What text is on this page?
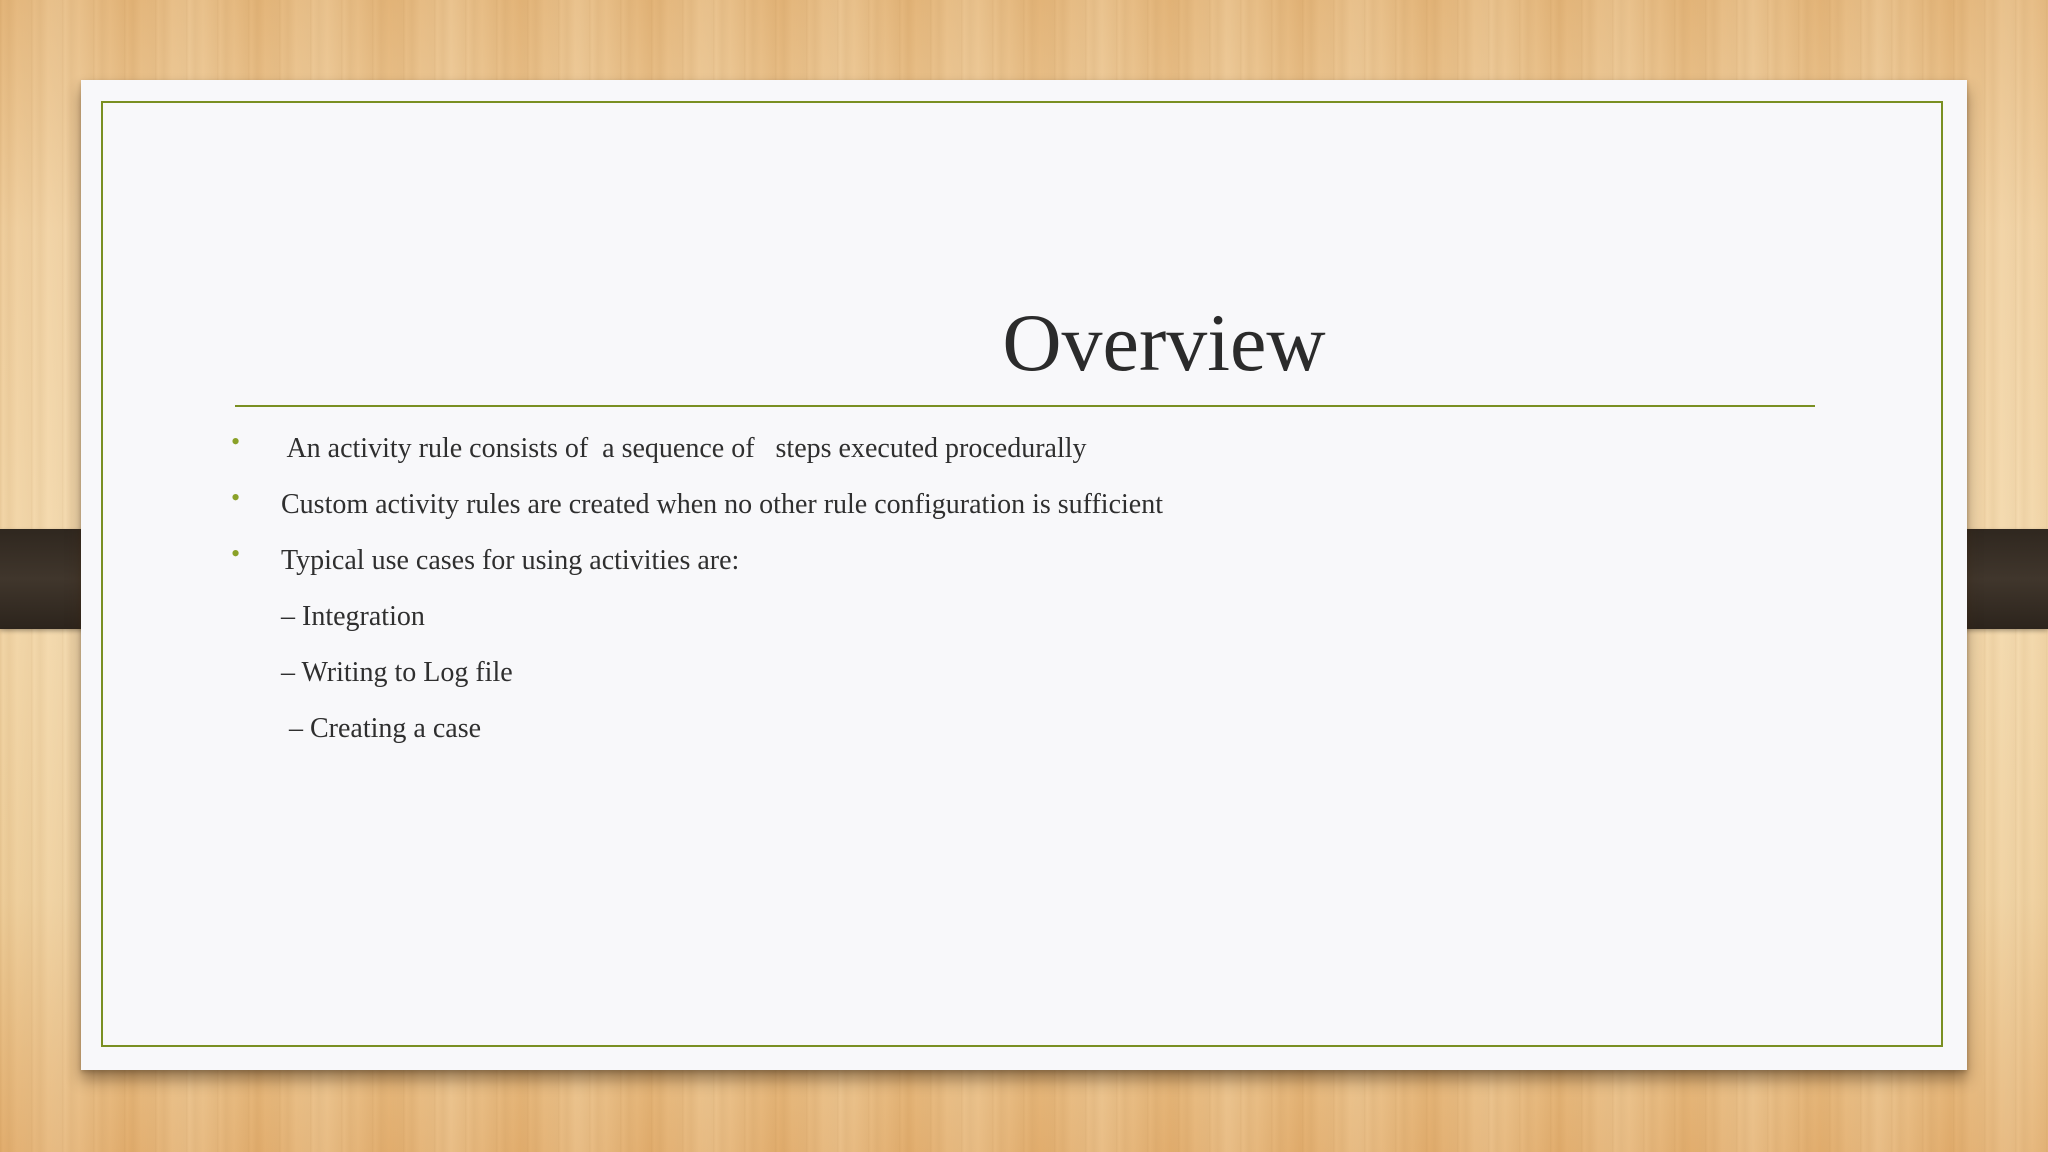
Overview
• An activity rule consists of  a sequence of   steps executed procedurally
• Custom activity rules are created when no other rule configuration is sufficient
• Typical use cases for using activities are:
– Integration
– Writing to Log file
– Creating a case
